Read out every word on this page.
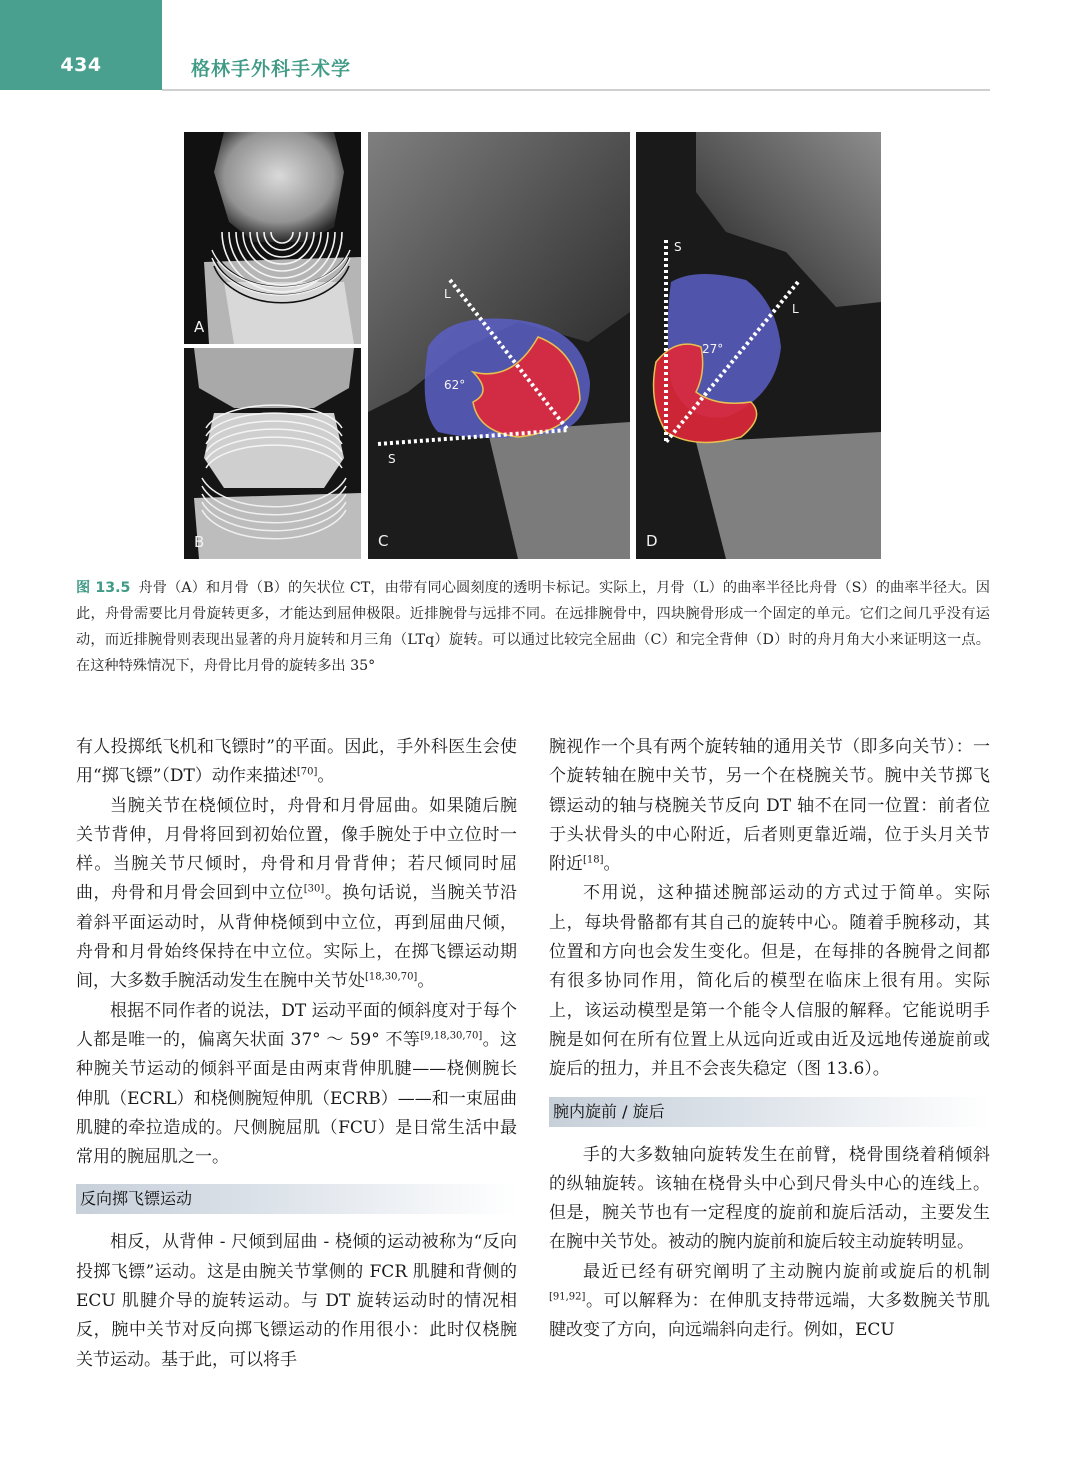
434	格林手外科手术学
A
B
L
62°
S
C
S
L
27°
D
图 13.5 舟骨（A）和月骨（B）的矢状位 CT，由带有同心圆刻度的透明卡标记。实际上，月骨（L）的曲率半径比舟骨（S）的曲率半径大。因此，舟骨需要比月骨旋转更多，才能达到屈伸极限。近排腕骨与远排不同。在远排腕骨中，四块腕骨形成一个固定的单元。它们之间几乎没有运动，而近排腕骨则表现出显著的舟月旋转和月三角（LTq）旋转。可以通过比较完全屈曲（C）和完全背伸（D）时的舟月角大小来证明这一点。在这种特殊情况下，舟骨比月骨的旋转多出 35°

有人投掷纸飞机和飞镖时”的平面。因此，手外科医生会使用“掷飞镖”（DT）动作来描述[70]。

当腕关节在桡倾位时，舟骨和月骨屈曲。如果随后腕关节背伸，月骨将回到初始位置，像手腕处于中立位时一样。当腕关节尺倾时，舟骨和月骨背伸；若尺倾同时屈曲，舟骨和月骨会回到中立位[30]。换句话说，当腕关节沿着斜平面运动时，从背伸桡倾到中立位，再到屈曲尺倾，舟骨和月骨始终保持在中立位。实际上，在掷飞镖运动期间，大多数手腕活动发生在腕中关节处[18,30,70]。

根据不同作者的说法，DT 运动平面的倾斜度对于每个人都是唯一的，偏离矢状面 37° ～ 59° 不等[9,18,30,70]。这种腕关节运动的倾斜平面是由两束背伸肌腱——桡侧腕长伸肌（ECRL）和桡侧腕短伸肌（ECRB）——和一束屈曲肌腱的牵拉造成的。尺侧腕屈肌（FCU）是日常生活中最常用的腕屈肌之一。

反向掷飞镖运动

相反，从背伸 - 尺倾到屈曲 - 桡倾的运动被称为“反向投掷飞镖”运动。这是由腕关节掌侧的 FCR 肌腱和背侧的 ECU 肌腱介导的旋转运动。与 DT 旋转运动时的情况相反，腕中关节对反向掷飞镖运动的作用很小：此时仅桡腕关节运动。基于此，可以将手

腕视作一个具有两个旋转轴的通用关节（即多向关节）：一个旋转轴在腕中关节，另一个在桡腕关节。腕中关节掷飞镖运动的轴与桡腕关节反向 DT 轴不在同一位置：前者位于头状骨头的中心附近，后者则更靠近端，位于头月关节附近[18]。

不用说，这种描述腕部运动的方式过于简单。实际上，每块骨骼都有其自己的旋转中心。随着手腕移动，其位置和方向也会发生变化。但是，在每排的各腕骨之间都有很多协同作用，简化后的模型在临床上很有用。实际上，该运动模型是第一个能令人信服的解释。它能说明手腕是如何在所有位置上从远向近或由近及远地传递旋前或旋后的扭力，并且不会丧失稳定（图 13.6）。

腕内旋前 / 旋后

手的大多数轴向旋转发生在前臂，桡骨围绕着稍倾斜的纵轴旋转。该轴在桡骨头中心到尺骨头中心的连线上。但是，腕关节也有一定程度的旋前和旋后活动，主要发生在腕中关节处。被动的腕内旋前和旋后较主动旋转明显。

最近已经有研究阐明了主动腕内旋前或旋后的机制[91,92]。可以解释为：在伸肌支持带远端，大多数腕关节肌腱改变了方向，向远端斜向走行。例如，ECU
